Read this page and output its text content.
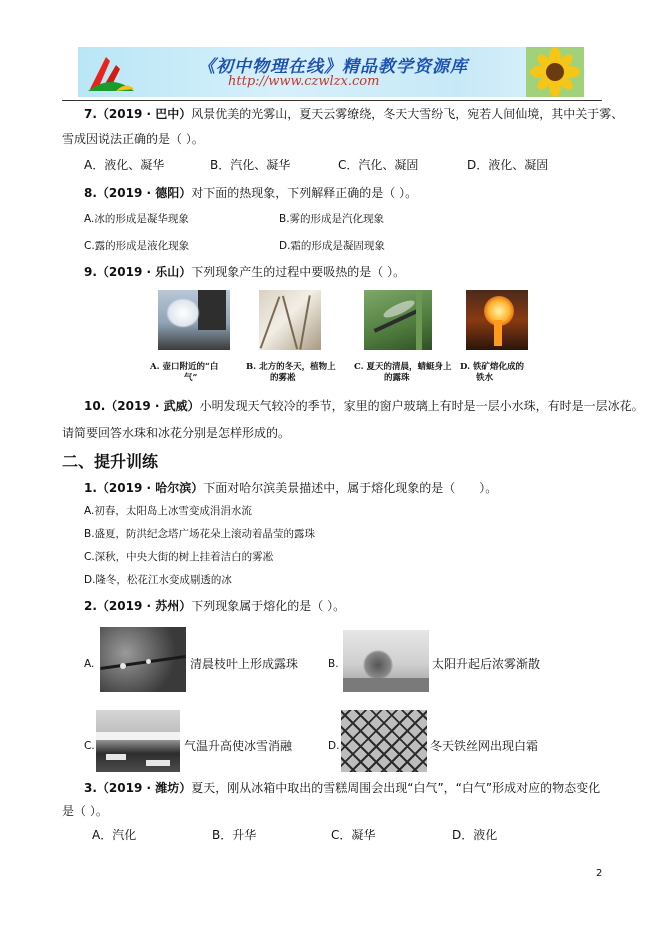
《初中物理在线》精品教学资源库
http://www.czwlzx.com
7.（2019 · 巴中）风景优美的光雾山，夏天云雾缭绕，冬天大雪纷飞，宛若人间仙境，其中关于雾、
雪成因说法正确的是（ ）。
A．液化、凝华	B．汽化、凝华	C．汽化、凝固	D．液化、凝固
8.（2019 · 德阳）对下面的热现象，下列解释正确的是（ ）。
A.冰的形成是凝华现象	B.雾的形成是汽化现象
C.露的形成是液化现象	D.霜的形成是凝固现象
9.（2019 · 乐山）下列现象产生的过程中要吸热的是（ ）。
A. 壶口附近的“白
气”
B. 北方的冬天，植物上
的雾凇
C. 夏天的清晨，蜻蜓身上
的露珠
D. 铁矿熔化成的
铁水
10.（2019 · 武威）小明发现天气较冷的季节，家里的窗户玻璃上有时是一层小水珠，有时是一层冰花。
请简要回答水珠和冰花分别是怎样形成的。
二、提升训练
1.（2019 · 哈尔滨）下面对哈尔滨美景描述中，属于熔化现象的是（　　）。
A.初春，太阳岛上冰雪变成涓涓水流
B.盛夏，防洪纪念塔广场花朵上滚动着晶莹的露珠
C.深秋，中央大街的树上挂着洁白的雾凇
D.隆冬，松花江水变成剔透的冰
2.（2019 · 苏州）下列现象属于熔化的是（ ）。
A.	清晨枝叶上形成露珠	B.	太阳升起后浓雾渐散
C.	气温升高使冰雪消融	D.	冬天铁丝网出现白霜
3.（2019 · 潍坊）夏天，刚从冰箱中取出的雪糕周围会出现“白气”，“白气”形成对应的物态变化
是（ ）。
A．汽化	B．升华	C．凝华	D．液化
2
